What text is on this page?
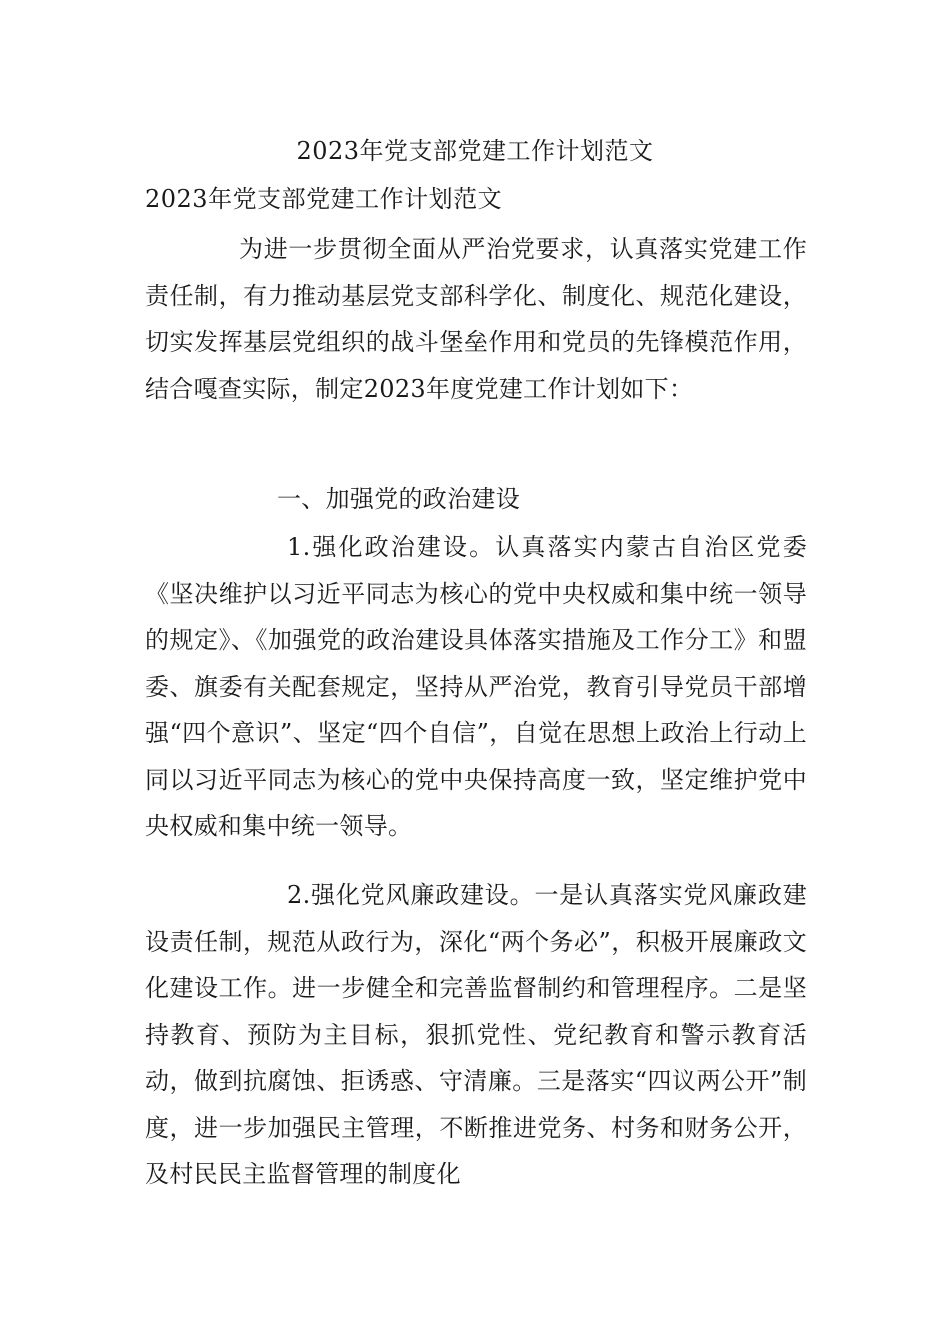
2023年党支部党建工作计划范文
2023年党支部党建工作计划范文

为进一步贯彻全面从严治党要求，认真落实党建工作责任制，有力推动基层党支部科学化、制度化、规范化建设，切实发挥基层党组织的战斗堡垒作用和党员的先锋模范作用，结合嘎查实际，制定2023年度党建工作计划如下：

一、加强党的政治建设

1.强化政治建设。认真落实内蒙古自治区党委《坚决维护以习近平同志为核心的党中央权威和集中统一领导的规定》、《加强党的政治建设具体落实措施及工作分工》和盟委、旗委有关配套规定，坚持从严治党，教育引导党员干部增强“四个意识”、坚定“四个自信”，自觉在思想上政治上行动上同以习近平同志为核心的党中央保持高度一致，坚定维护党中央权威和集中统一领导。

2.强化党风廉政建设。一是认真落实党风廉政建设责任制，规范从政行为，深化“两个务必”，积极开展廉政文化建设工作。进一步健全和完善监督制约和管理程序。二是坚持教育、预防为主目标，狠抓党性、党纪教育和警示教育活动，做到抗腐蚀、拒诱惑、守清廉。三是落实“四议两公开”制度，进一步加强民主管理，不断推进党务、村务和财务公开，及村民民主监督管理的制度化
